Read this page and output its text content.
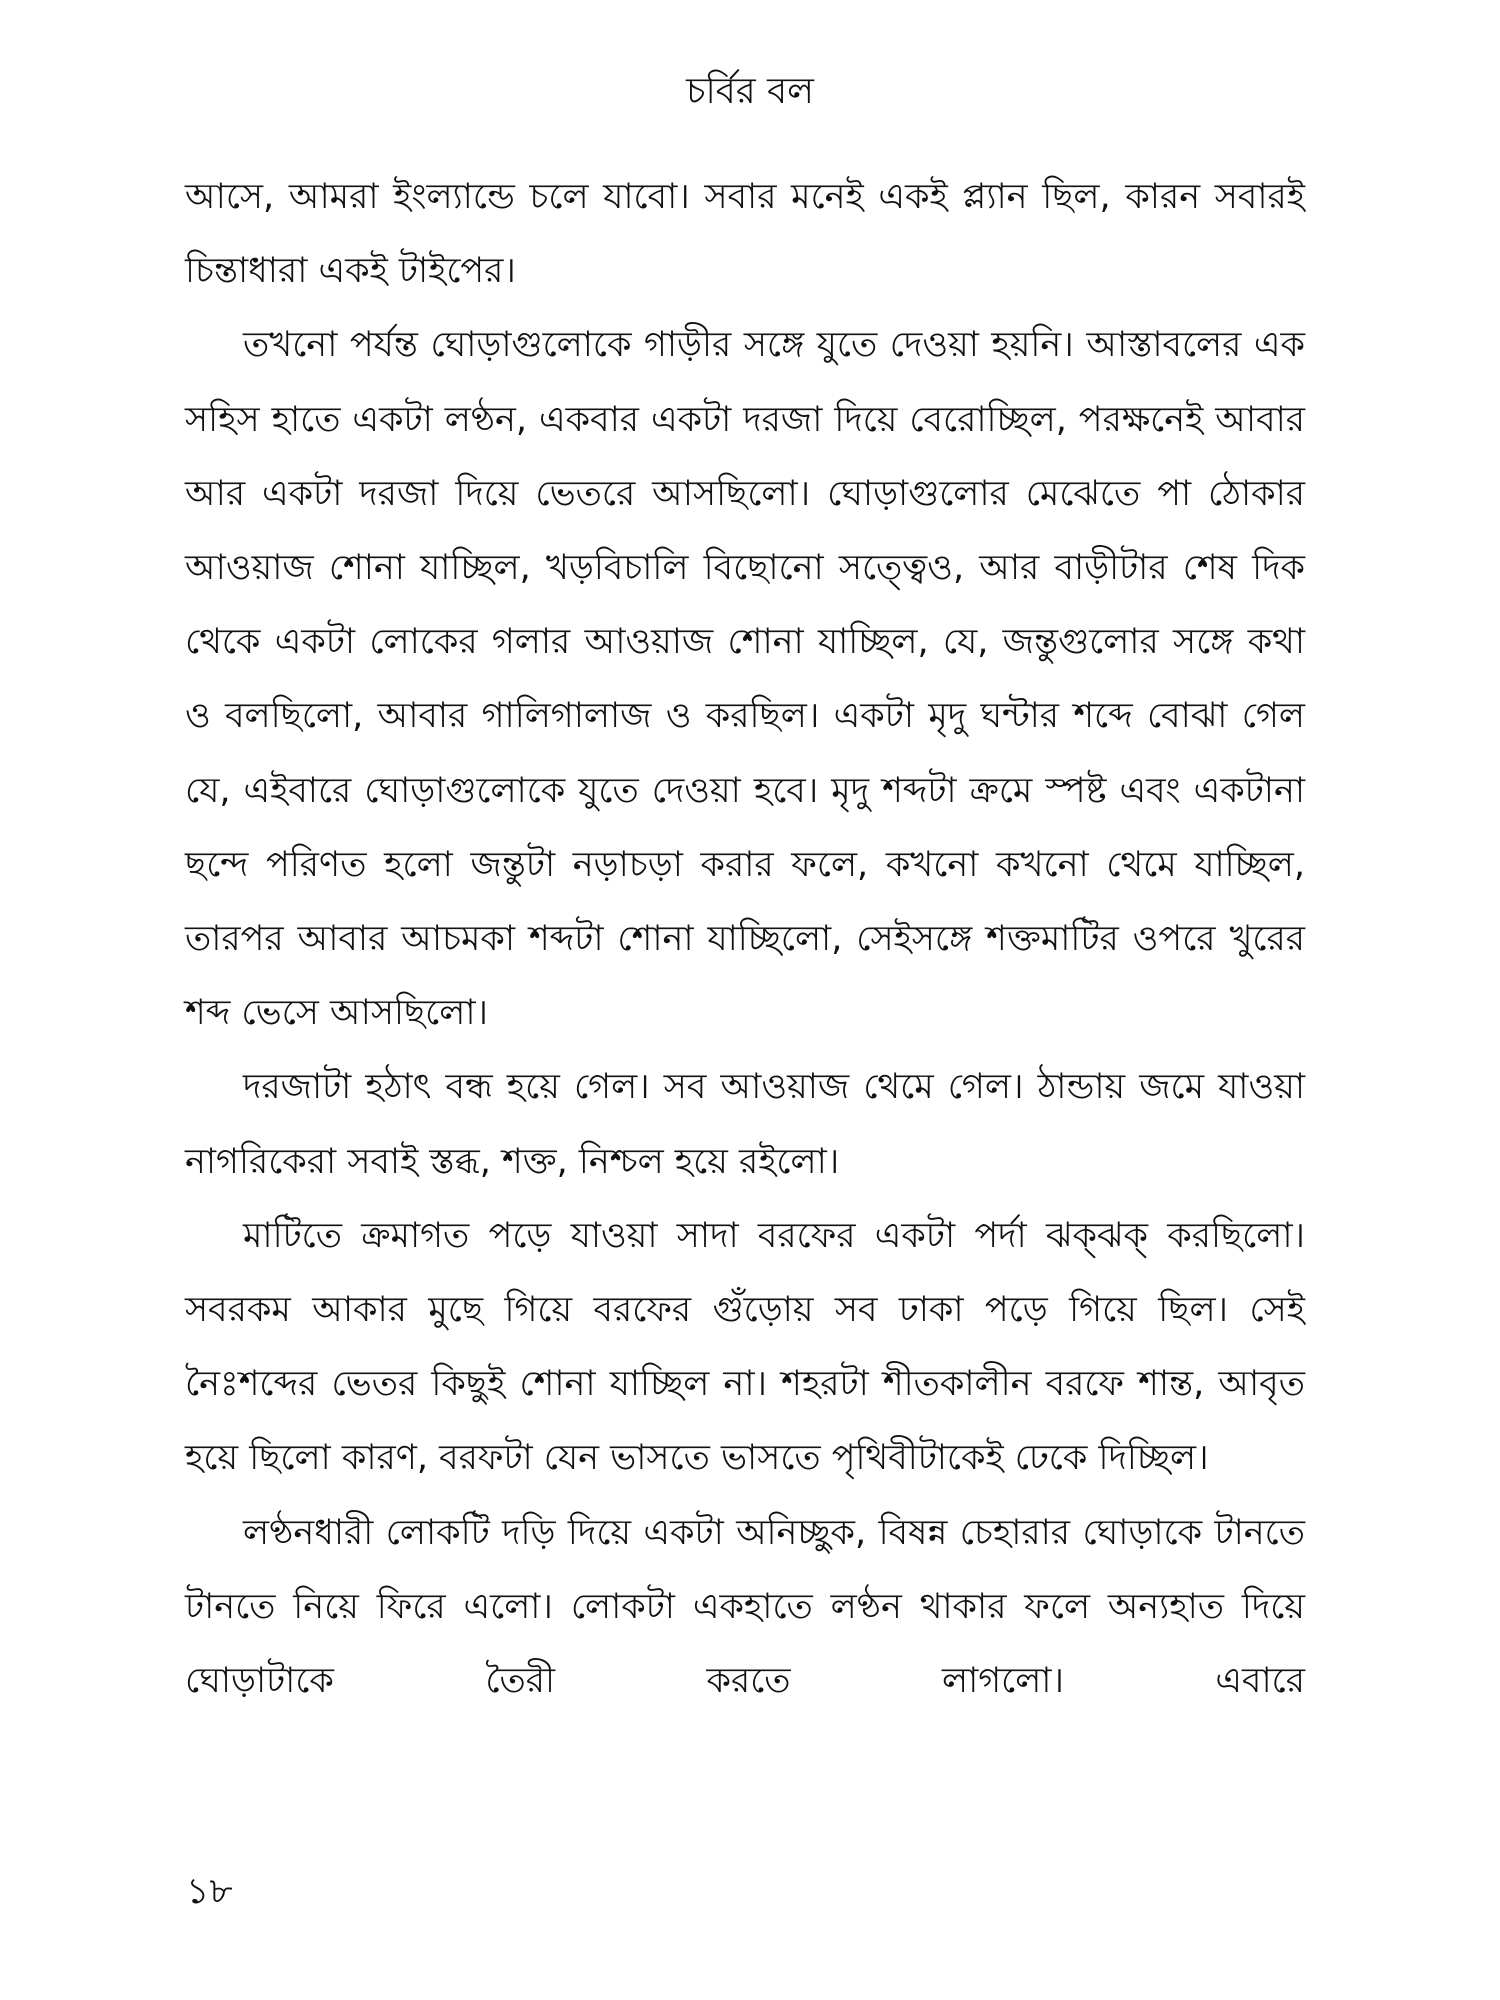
চর্বির বল

আসে, আমরা ইংল্যান্ডে চলে যাবো। সবার মনেই একই প্ল্যান ছিল, কারন সবারই চিন্তাধারা একই টাইপের।

তখনো পর্যন্ত ঘোড়াগুলোকে গাড়ীর সঙ্গে যুতে দেওয়া হয়নি। আস্তাবলের এক সহিস হাতে একটা লণ্ঠন, একবার একটা দরজা দিয়ে বেরোচ্ছিল, পরক্ষনেই আবার আর একটা দরজা দিয়ে ভেতরে আসছিলো। ঘোড়াগুলোর মেঝেতে পা ঠোকার আওয়াজ শোনা যাচ্ছিল, খড়বিচালি বিছোনো সত্ত্বেও, আর বাড়ীটার শেষ দিক থেকে একটা লোকের গলার আওয়াজ শোনা যাচ্ছিল, যে, জন্তুগুলোর সঙ্গে কথা ও বলছিলো, আবার গালিগালাজ ও করছিল। একটা মৃদু ঘন্টার শব্দে বোঝা গেল যে, এইবারে ঘোড়াগুলোকে যুতে দেওয়া হবে। মৃদু শব্দটা ক্রমে স্পষ্ট এবং একটানা ছন্দে পরিণত হলো জন্তুটা নড়াচড়া করার ফলে, কখনো কখনো থেমে যাচ্ছিল, তারপর আবার আচমকা শব্দটা শোনা যাচ্ছিলো, সেইসঙ্গে শক্তমাটির ওপরে খুরের শব্দ ভেসে আসছিলো।

দরজাটা হঠাৎ বন্ধ হয়ে গেল। সব আওয়াজ থেমে গেল। ঠান্ডায় জমে যাওয়া নাগরিকেরা সবাই স্তব্ধ, শক্ত, নিশ্চল হয়ে রইলো।

মাটিতে ক্রমাগত পড়ে যাওয়া সাদা বরফের একটা পর্দা ঝক্‌ঝক্ করছিলো। সবরকম আকার মুছে গিয়ে বরফের গুঁড়োয় সব ঢাকা পড়ে গিয়ে ছিল। সেই নৈঃশব্দের ভেতর কিছুই শোনা যাচ্ছিল না। শহরটা শীতকালীন বরফে শান্ত, আবৃত হয়ে ছিলো কারণ, বরফটা যেন ভাসতে ভাসতে পৃথিবীটাকেই ঢেকে দিচ্ছিল।

লণ্ঠনধারী লোকটি দড়ি দিয়ে একটা অনিচ্ছুক, বিষন্ন চেহারার ঘোড়াকে টানতে টানতে নিয়ে ফিরে এলো। লোকটা একহাতে লণ্ঠন থাকার ফলে অন্যহাত দিয়ে ঘোড়াটাকে তৈরী করতে লাগলো। এবারে

১৮
